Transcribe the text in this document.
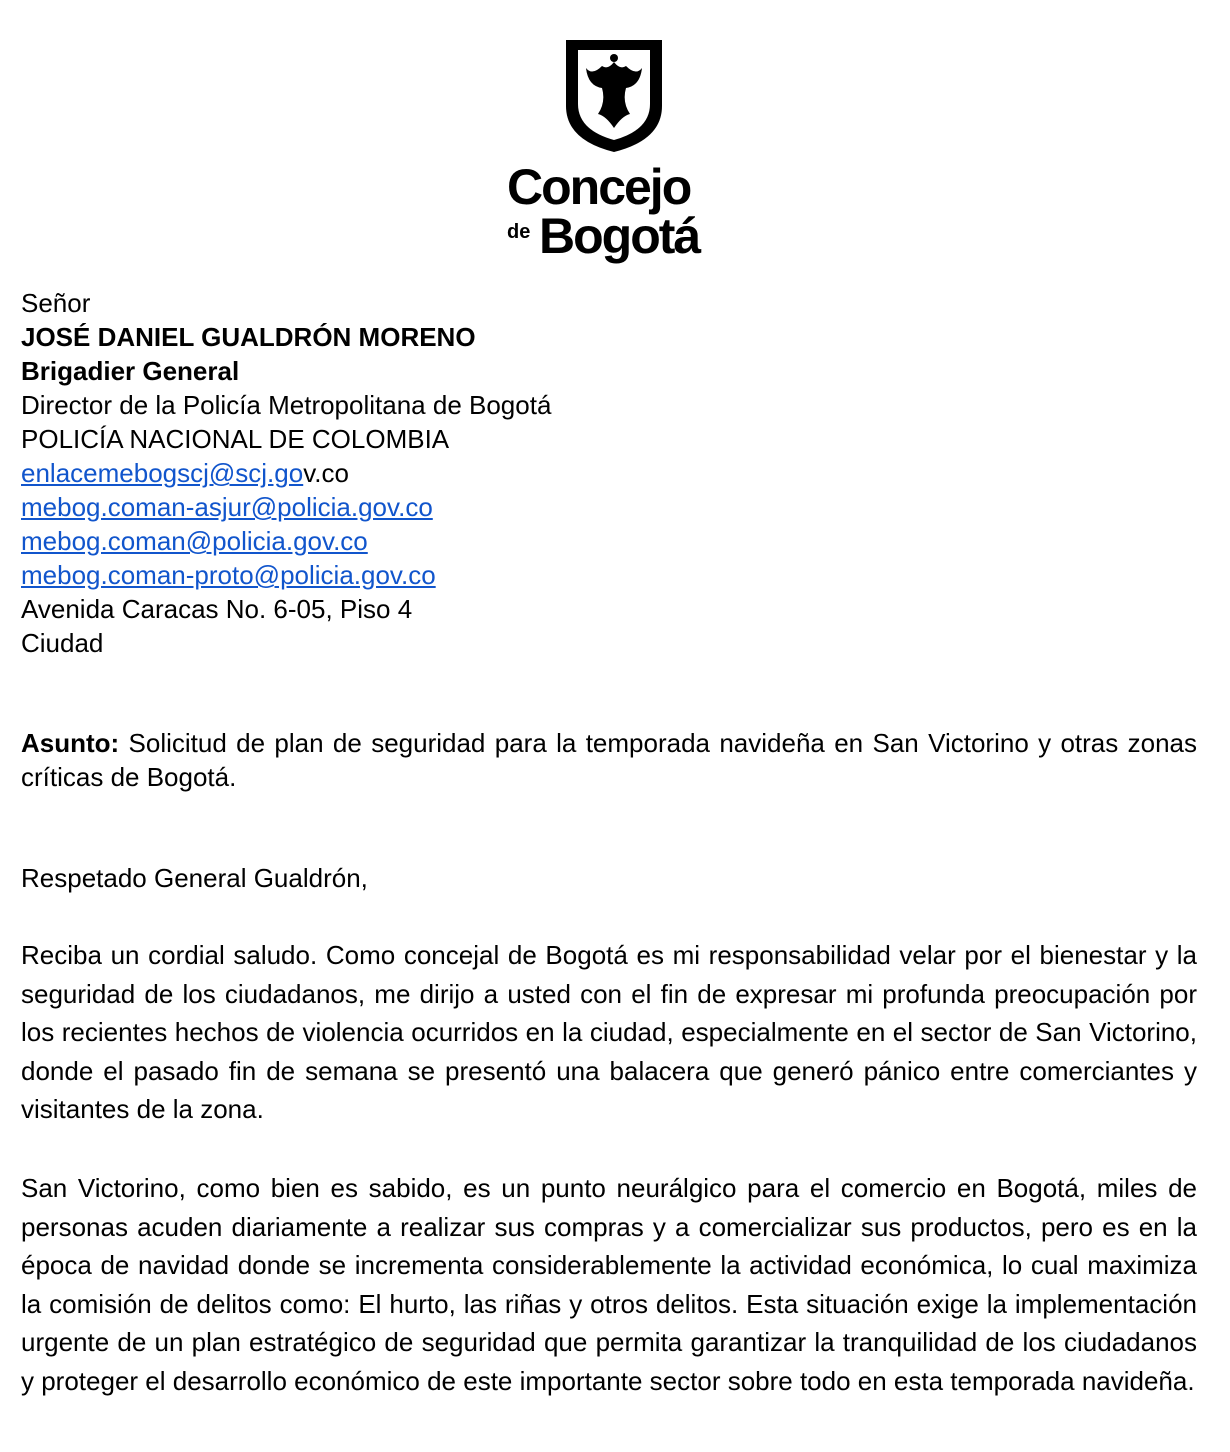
Concejo
de Bogotá
Señor
JOSÉ DANIEL GUALDRÓN MORENO
Brigadier General
Director de la Policía Metropolitana de Bogotá
POLICÍA NACIONAL DE COLOMBIA
enlacemebogscj@scj.gov.co
mebog.coman-asjur@policia.gov.co
mebog.coman@policia.gov.co
mebog.coman-proto@policia.gov.co
Avenida Caracas No. 6-05, Piso 4
Ciudad
Asunto: Solicitud de plan de seguridad para la temporada navideña en San Victorino y otras zonas críticas de Bogotá.
Respetado General Gualdrón,
Reciba un cordial saludo. Como concejal de Bogotá es mi responsabilidad velar por el bienestar y la seguridad de los ciudadanos, me dirijo a usted con el fin de expresar mi profunda preocupación por los recientes hechos de violencia ocurridos en la ciudad, especialmente en el sector de San Victorino, donde el pasado fin de semana se presentó una balacera que generó pánico entre comerciantes y visitantes de la zona.
San Victorino, como bien es sabido, es un punto neurálgico para el comercio en Bogotá, miles de personas acuden diariamente a realizar sus compras y a comercializar sus productos, pero es en la época de navidad donde se incrementa considerablemente la actividad económica, lo cual maximiza la comisión de delitos como: El hurto, las riñas y otros delitos. Esta situación exige la implementación urgente de un plan estratégico de seguridad que permita garantizar la tranquilidad de los ciudadanos y proteger el desarrollo económico de este importante sector sobre todo en esta temporada navideña.
